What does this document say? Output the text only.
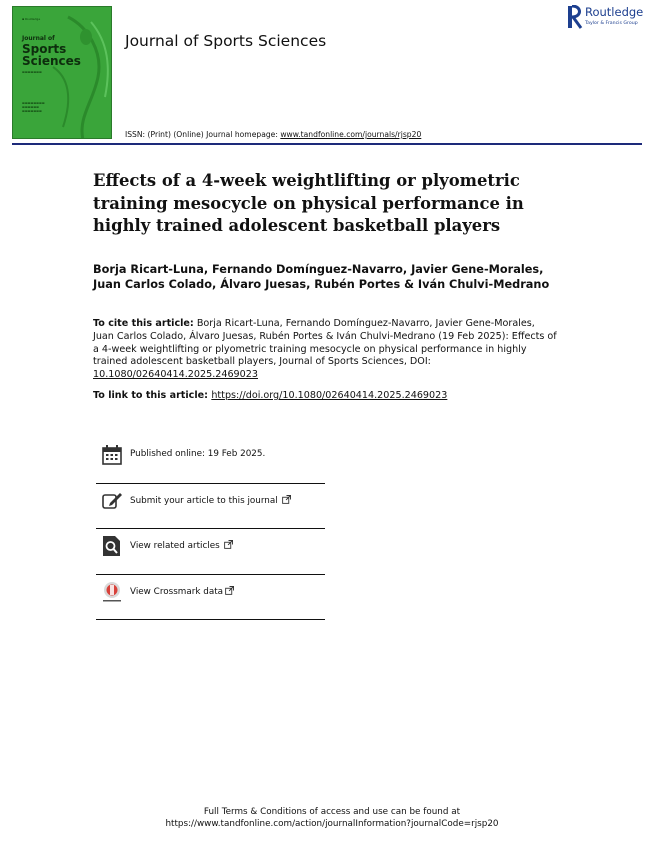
▪ Routledge
Journal of
Sports
Sciences
▬▬▬▬▬▬▬
▬▬▬▬▬▬▬▬
▬▬▬▬▬▬
▬▬▬▬▬▬▬
Journal of Sports Sciences
ISSN: (Print) (Online) Journal homepage: www.tandfonline.com/journals/rjsp20
Routledge
Taylor & Francis Group
Effects of a 4-week weightlifting or plyometric training mesocycle on physical performance in highly trained adolescent basketball players
Borja Ricart-Luna, Fernando Domínguez-Navarro, Javier Gene-Morales, Juan Carlos Colado, Álvaro Juesas, Rubén Portes & Iván Chulvi-Medrano
To cite this article: Borja Ricart-Luna, Fernando Domínguez-Navarro, Javier Gene-Morales, Juan Carlos Colado, Álvaro Juesas, Rubén Portes & Iván Chulvi-Medrano (19 Feb 2025): Effects of a 4-week weightlifting or plyometric training mesocycle on physical performance in highly trained adolescent basketball players, Journal of Sports Sciences, DOI: 10.1080/02640414.2025.2469023
To link to this article: https://doi.org/10.1080/02640414.2025.2469023
Published online: 19 Feb 2025.
Submit your article to this journal
View related articles
View Crossmark data
Full Terms & Conditions of access and use can be found at
https://www.tandfonline.com/action/journalInformation?journalCode=rjsp20
